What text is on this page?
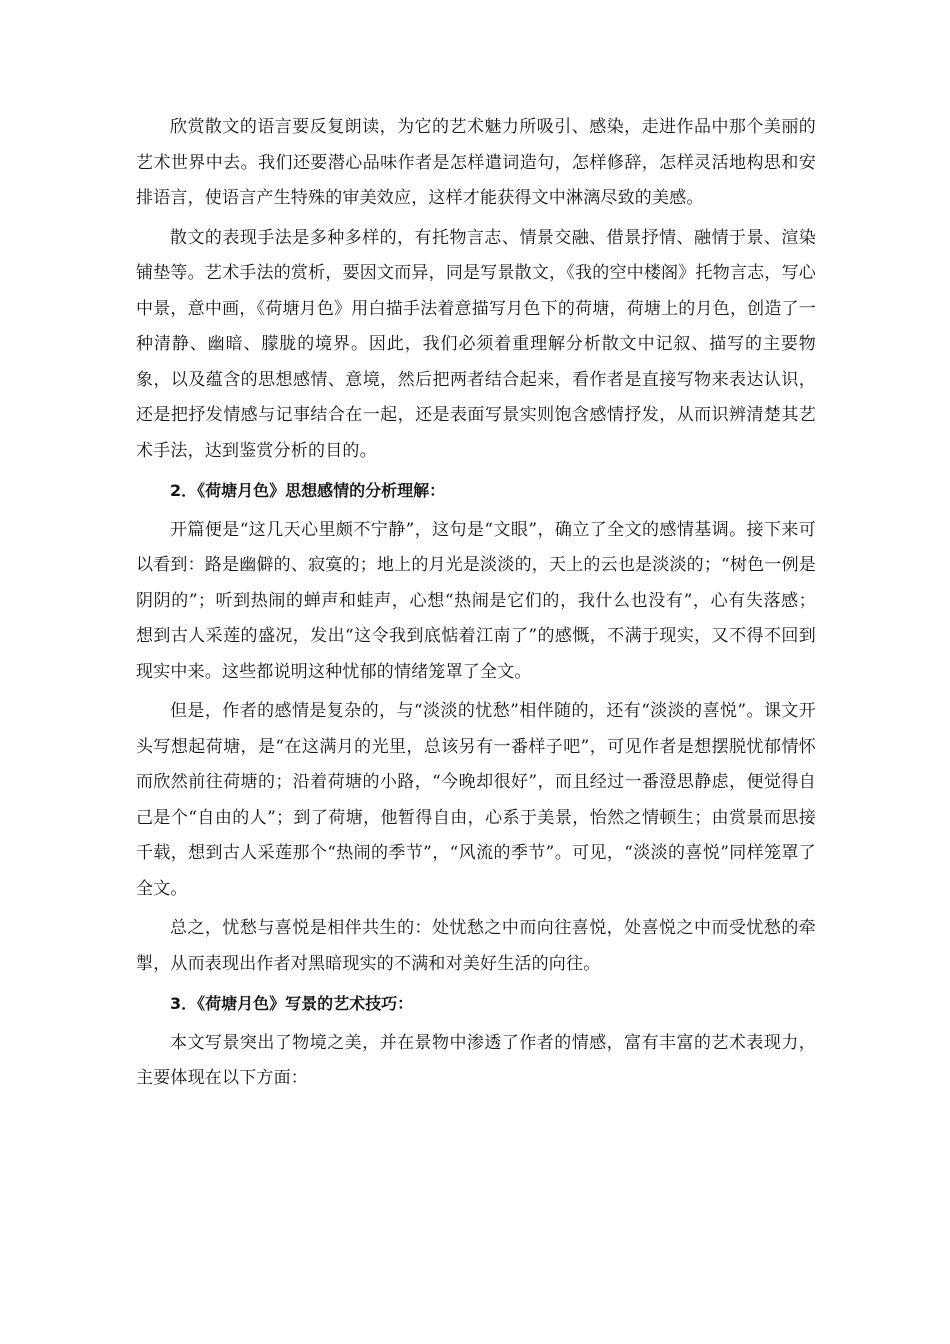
欣赏散文的语言要反复朗读，为它的艺术魅力所吸引、感染，走进作品中那个美丽的艺术世界中去。我们还要潜心品味作者是怎样遣词造句，怎样修辞，怎样灵活地构思和安排语言，使语言产生特殊的审美效应，这样才能获得文中淋漓尽致的美感。

散文的表现手法是多种多样的，有托物言志、情景交融、借景抒情、融情于景、渲染铺垫等。艺术手法的赏析，要因文而异，同是写景散文，《我的空中楼阁》托物言志，写心中景，意中画，《荷塘月色》用白描手法着意描写月色下的荷塘，荷塘上的月色，创造了一种清静、幽暗、朦胧的境界。因此，我们必须着重理解分析散文中记叙、描写的主要物象，以及蕴含的思想感情、意境，然后把两者结合起来，看作者是直接写物来表达认识，还是把抒发情感与记事结合在一起，还是表面写景实则饱含感情抒发，从而识辨清楚其艺术手法，达到鉴赏分析的目的。

2．《荷塘月色》思想感情的分析理解：

开篇便是“这几天心里颇不宁静”，这句是“文眼”，确立了全文的感情基调。接下来可以看到：路是幽僻的、寂寞的；地上的月光是淡淡的，天上的云也是淡淡的；“树色一例是阴阴的”；听到热闹的蝉声和蛙声，心想“热闹是它们的，我什么也没有”，心有失落感；想到古人采莲的盛况，发出“这令我到底惦着江南了”的感慨，不满于现实，又不得不回到现实中来。这些都说明这种忧郁的情绪笼罩了全文。

但是，作者的感情是复杂的，与“淡淡的忧愁”相伴随的，还有“淡淡的喜悦”。课文开头写想起荷塘，是“在这满月的光里，总该另有一番样子吧”，可见作者是想摆脱忧郁情怀而欣然前往荷塘的；沿着荷塘的小路，“今晚却很好”，而且经过一番澄思静虑，便觉得自己是个“自由的人”；到了荷塘，他暂得自由，心系于美景，怡然之情顿生；由赏景而思接千载，想到古人采莲那个“热闹的季节”，“风流的季节”。可见，“淡淡的喜悦”同样笼罩了全文。

总之，忧愁与喜悦是相伴共生的：处忧愁之中而向往喜悦，处喜悦之中而受忧愁的牵掣，从而表现出作者对黑暗现实的不满和对美好生活的向往。

3．《荷塘月色》写景的艺术技巧：

本文写景突出了物境之美，并在景物中渗透了作者的情感，富有丰富的艺术表现力，主要体现在以下方面：
